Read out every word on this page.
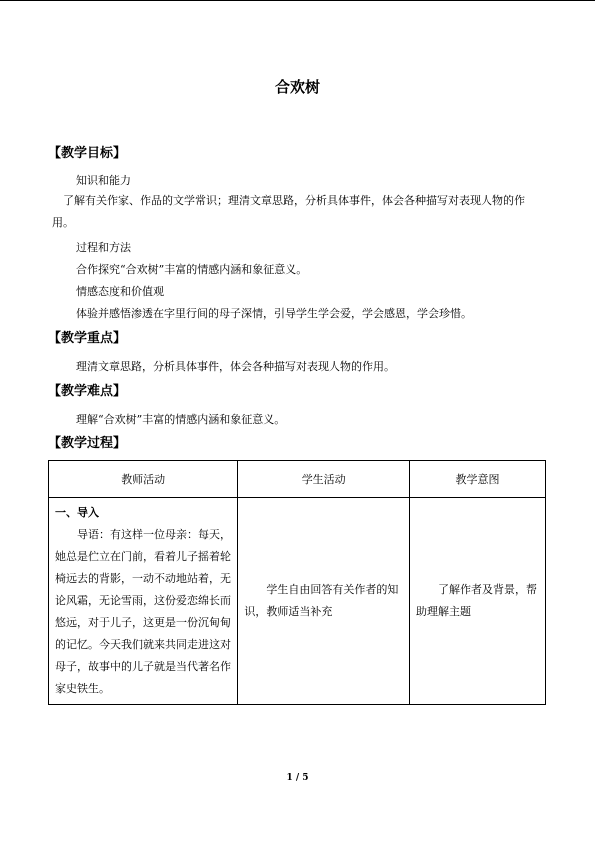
合欢树
【教学目标】
知识和能力
了解有关作家、作品的文学常识；理清文章思路，分析具体事件，体会各种描写对表现人物的作用。
过程和方法
合作探究“合欢树”丰富的情感内涵和象征意义。
情感态度和价值观
体验并感悟渗透在字里行间的母子深情，引导学生学会爱，学会感恩，学会珍惜。
【教学重点】
理清文章思路，分析具体事件，体会各种描写对表现人物的作用。
【教学难点】
理解“合欢树”丰富的情感内涵和象征意义。
【教学过程】
教师活动	学生活动	教学意图

一、导入
导语：有这样一位母亲：每天，她总是伫立在门前，看着儿子摇着轮椅远去的背影，一动不动地站着，无论风霜，无论雪雨，这份爱恋绵长而悠远，对于儿子，这更是一份沉甸甸的记忆。今天我们就来共同走进这对母子，故事中的儿子就是当代著名作家史铁生。	学生自由回答有关作者的知识，教师适当补充	了解作者及背景，帮助理解主题
1 / 5
